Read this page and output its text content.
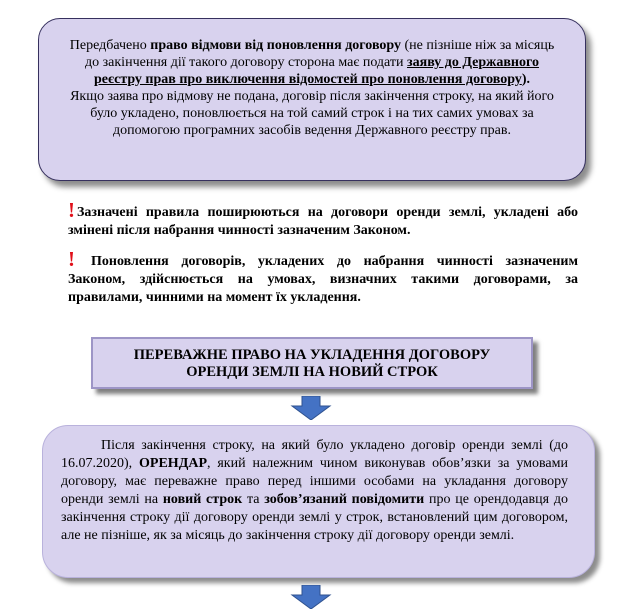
Передбачено право відмови від поновлення договору (не пізніше ніж за місяць до закінчення дії такого договору сторона має подати заяву до Державного реєстру прав про виключення відомостей про поновлення договору).

Якщо заява про відмову не подана, договір після закінчення строку, на який його було укладено, поновлюється на той самий строк і на тих самих умовах за допомогою програмних засобів ведення Державного реєстру прав.

! Зазначені правила поширюються на договори оренди землі, укладені або змінені після набрання чинності зазначеним Законом.
! Поновлення договорів, укладених до набрання чинності зазначеним Законом, здійснюється на умовах, визначних такими договорами, за правилами, чинними на момент їх укладення.
ПЕРЕВАЖНЕ ПРАВО НА УКЛАДЕННЯ ДОГОВОРУ
ОРЕНДИ ЗЕМЛІ НА НОВИЙ СТРОК

Після закінчення строку, на який було укладено договір оренди землі (до 16.07.2020), ОРЕНДАР, який належним чином виконував обов’язки за умовами договору, має переважне право перед іншими особами на укладання договору оренди землі на новий строк та зобов’язаний повідомити про це орендодавця до закінчення строку дії договору оренди землі у строк, встановлений цим договором, але не пізніше, як за місяць до закінчення строку дії договору оренди землі.
